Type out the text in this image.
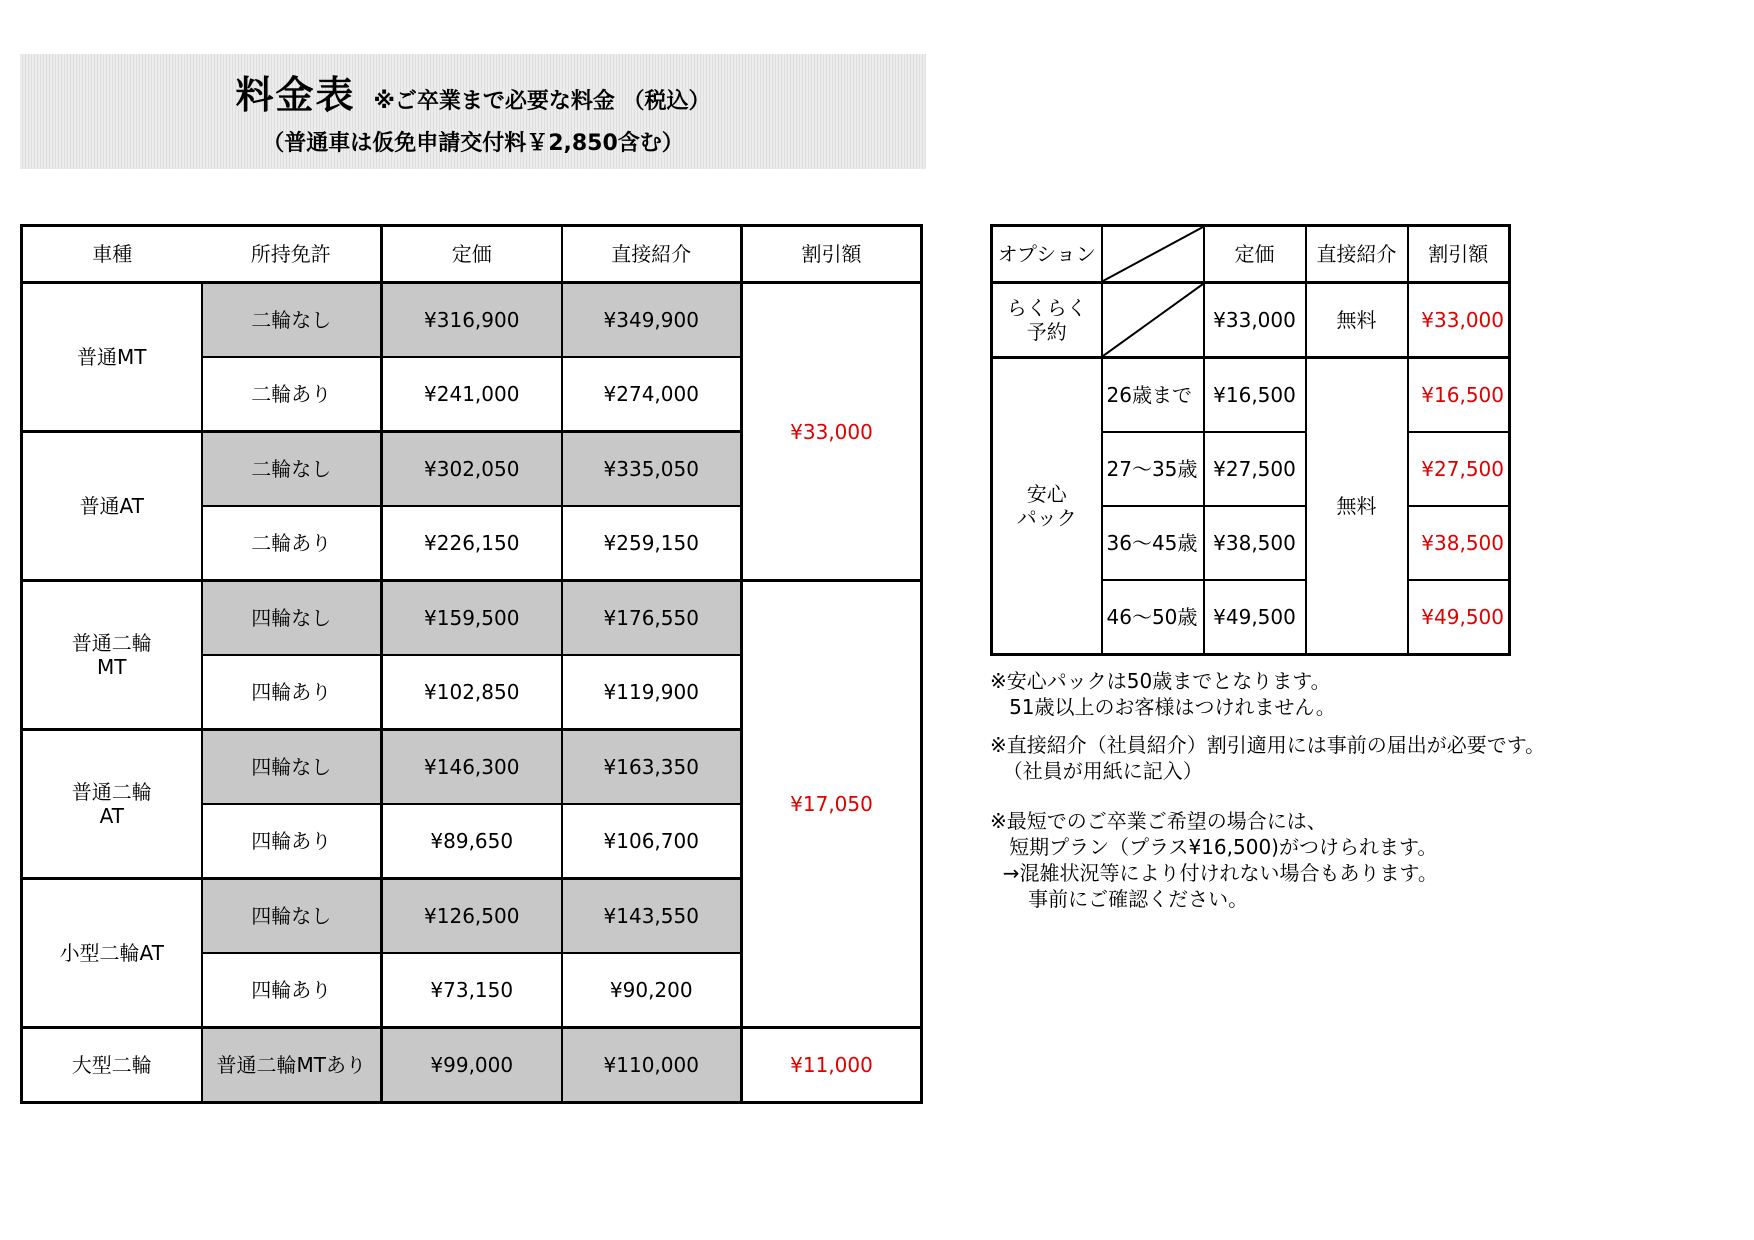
料金表 ※ご卒業まで必要な料金 （税込）
（普通車は仮免申請交付料￥2,850含む）
車種	所持免許	定価	直接紹介	割引額
普通MT	二輪なし	¥316,900	¥349,900	¥33,000
	二輪あり	¥241,000	¥274,000	
普通AT	二輪なし	¥302,050	¥335,050	
	二輪あり	¥226,150	¥259,150	
普通二輪
MT	四輪なし	¥159,500	¥176,550	¥17,050
	四輪あり	¥102,850	¥119,900	
普通二輪
AT	四輪なし	¥146,300	¥163,350	
	四輪あり	¥89,650	¥106,700	
小型二輪AT	四輪なし	¥126,500	¥143,550	
	四輪あり	¥73,150	¥90,200	
大型二輪	普通二輪MTあり	¥99,000	¥110,000	¥11,000
オプション		定価	直接紹介	割引額
らくらく
予約		¥33,000	無料	¥33,000
安心
パック	26歳まで	¥16,500	無料	¥16,500
	27～35歳	¥27,500		¥27,500
	36～45歳	¥38,500		¥38,500
	46～50歳	¥49,500		¥49,500

※安心パックは50歳までとなります。

51歳以上のお客様はつけれません。

※直接紹介（社員紹介）割引適用には事前の届出が必要です。

（社員が用紙に記入）

※最短でのご卒業ご希望の場合には、

短期プラン（プラス¥16,500)がつけられます。

→混雑状況等により付けれない場合もあります。

事前にご確認ください。
